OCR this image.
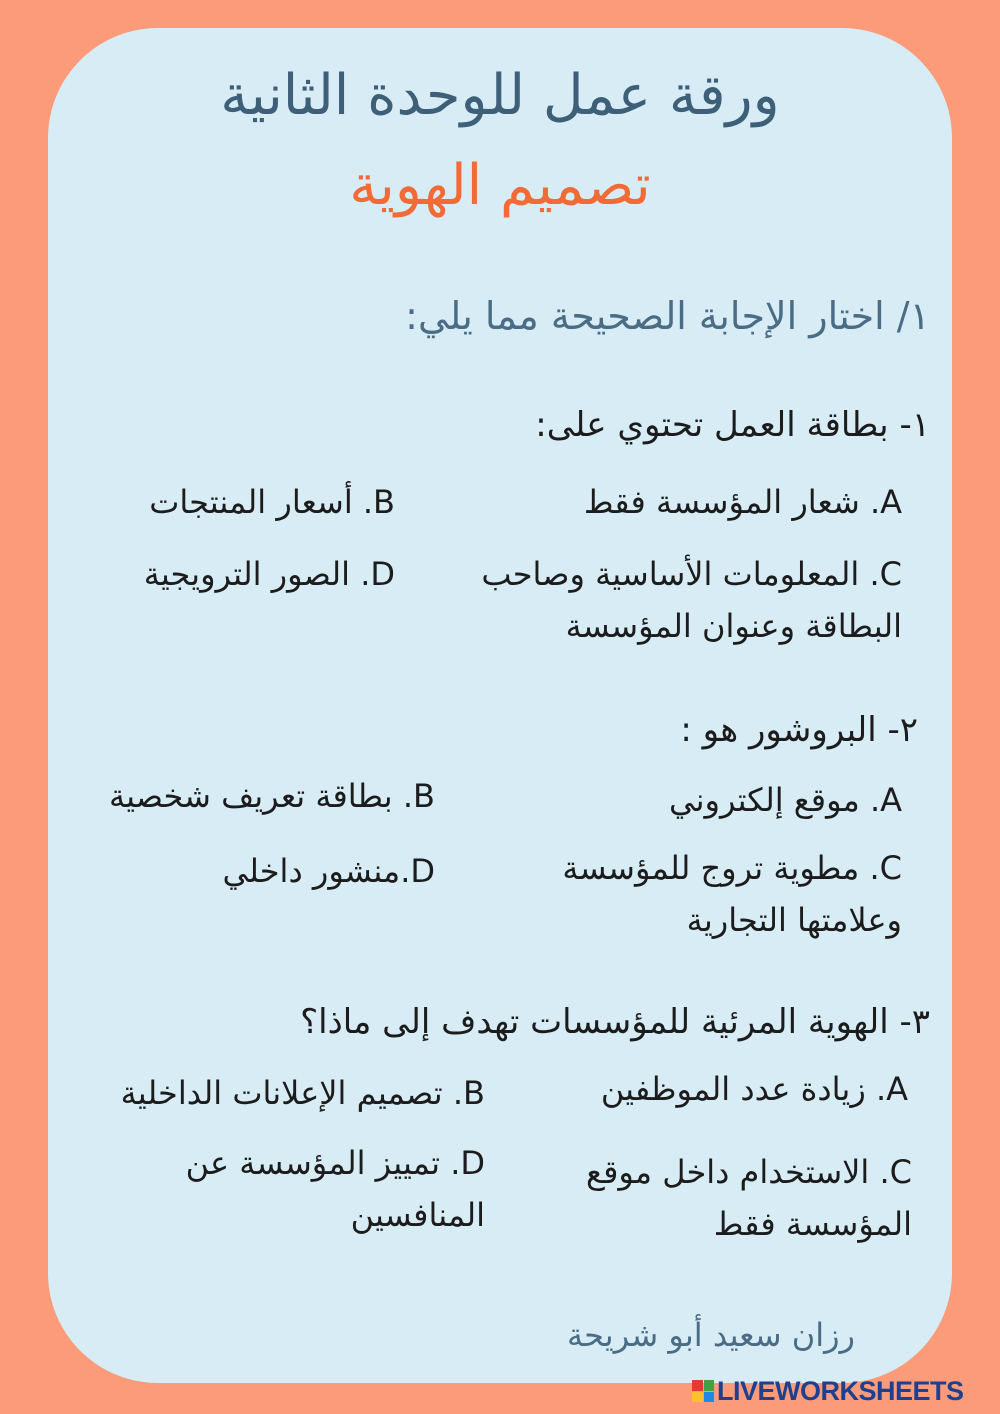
ورقة عمل للوحدة الثانية
تصميم الهوية
١/ اختار الإجابة الصحيحة مما يلي:
١- بطاقة العمل تحتوي على:
A. شعار المؤسسة فقط
B. أسعار المنتجات
C. المعلومات الأساسية وصاحب البطاقة وعنوان المؤسسة
D. الصور الترويجية
٢- البروشور هو :
A. موقع إلكتروني
B. بطاقة تعريف شخصية
C. مطوية تروج للمؤسسة وعلامتها التجارية
D.منشور داخلي
٣- الهوية المرئية للمؤسسات تهدف إلى ماذا؟
A. زيادة عدد الموظفين
B. تصميم الإعلانات الداخلية
C. الاستخدام داخل موقع المؤسسة فقط
D. تمييز المؤسسة عن المنافسين
رزان سعيد أبو شريحة
LIVEWORKSHEETS
